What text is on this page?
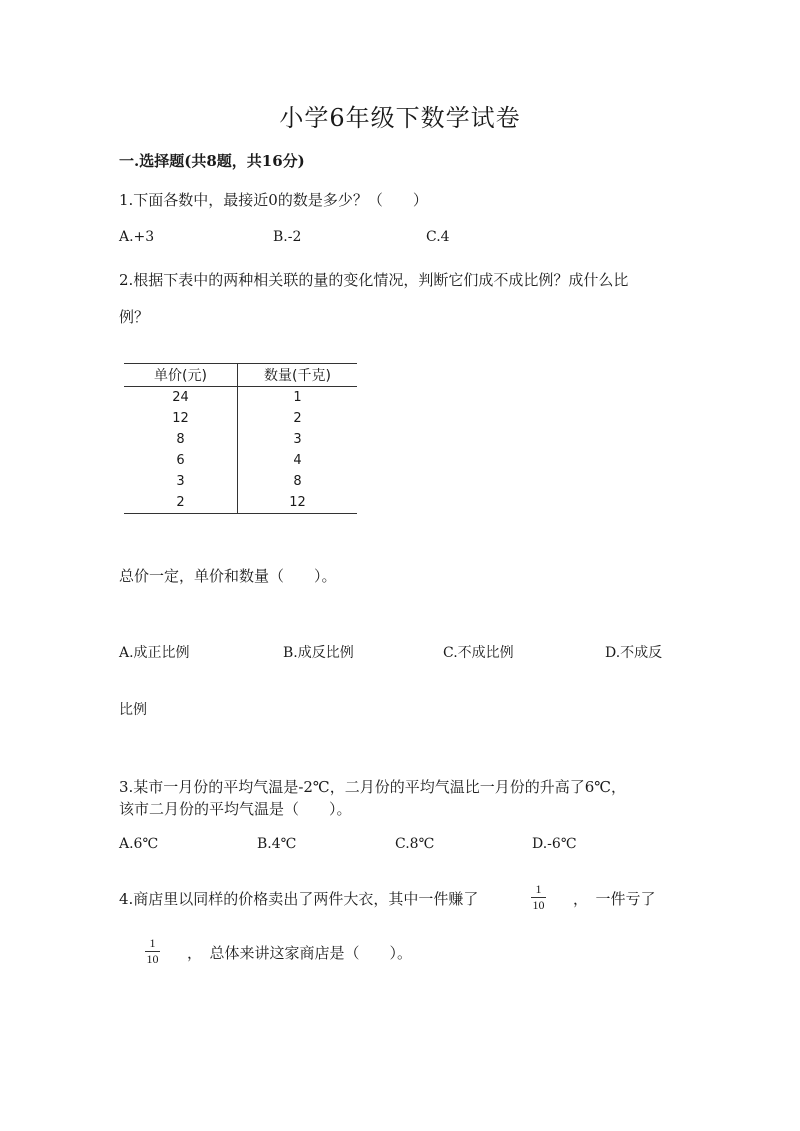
小学6年级下数学试卷
一.选择题(共8题，共16分)
1.下面各数中，最接近0的数是多少？（　　）
A.+3	B.-2	C.4
2.根据下表中的两种相关联的量的变化情况，判断它们成不成比例？成什么比
例？
单价(元)	数量(千克)
24	1
12	2
8	3
6	4
3	8
2	12
总价一定，单价和数量（　　）。
A.成正比例	B.成反比例	C.不成比例	D.不成反
比例
3.某市一月份的平均气温是-2℃，二月份的平均气温比一月份的升高了6℃，
该市二月份的平均气温是（　　）。
A.6℃	B.4℃	C.8℃	D.-6℃
4.商店里以同样的价格卖出了两件大衣，其中一件赚了
1
10 ，　一件亏了
1
10 ，　总体来讲这家商店是（　　）。
